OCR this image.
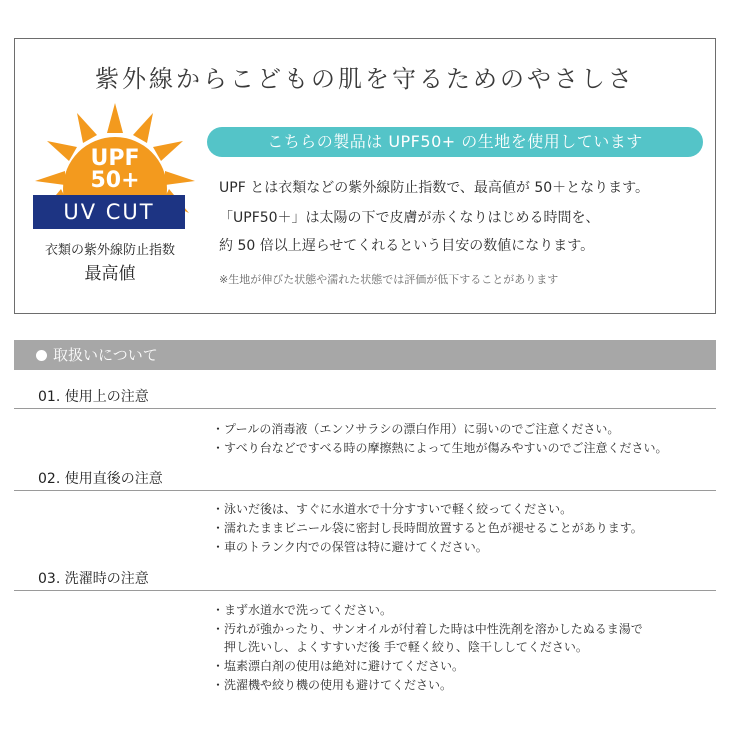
紫外線からこどもの肌を守るためのやさしさ
UPF
50+
UV CUT
衣類の紫外線防止指数
最高値
こちらの製品は UPF50+ の生地を使用しています
UPF とは衣類などの紫外線防止指数で、最高値が 50＋となります。
「UPF50＋」は太陽の下で皮膚が赤くなりはじめる時間を、
約 50 倍以上遅らせてくれるという目安の数値になります。
※生地が伸びた状態や濡れた状態では評価が低下することがあります
取扱いについて
01. 使用上の注意
・プールの消毒液（エンソサラシの漂白作用）に弱いのでご注意ください。
・すべり台などですべる時の摩擦熱によって生地が傷みやすいのでご注意ください。
02. 使用直後の注意
・泳いだ後は、すぐに水道水で十分すすいで軽く絞ってください。
・濡れたままビニール袋に密封し長時間放置すると色が褪せることがあります。
・車のトランク内での保管は特に避けてください。
03. 洗濯時の注意
・まず水道水で洗ってください。
・汚れが強かったり、サンオイルが付着した時は中性洗剤を溶かしたぬるま湯で
　押し洗いし、よくすすいだ後 手で軽く絞り、陰干ししてください。
・塩素漂白剤の使用は絶対に避けてください。
・洗濯機や絞り機の使用も避けてください。
